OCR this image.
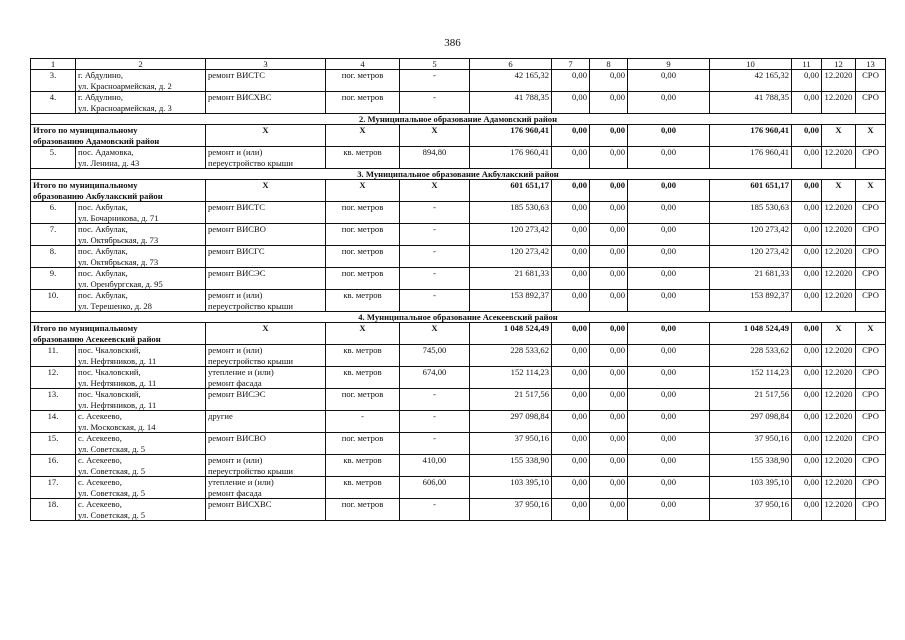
386
1	2	3	4	5	6	7	8	9	10	11	12	13
3.	г. Абдулино,
ул. Красноармейская, д. 2	ремонт ВИСТС	пог. метров	-	42 165,32	0,00	0,00	0,00	42 165,32	0,00	12.2020	СРО
4.	г. Абдулино,
ул. Красноармейская, д. 3	ремонт ВИСХВС	пог. метров	-	41 788,35	0,00	0,00	0,00	41 788,35	0,00	12.2020	СРО
2. Муниципальное образование Адамовский район												
Итого по муниципальному
образованию Адамовский район		X	X	X	176 960,41	0,00	0,00	0,00	176 960,41	0,00	X	X
5.	пос. Адамовка,
ул. Ленина, д. 43	ремонт и (или)
переустройство крыши	кв. метров	894,80	176 960,41	0,00	0,00	0,00	176 960,41	0,00	12.2020	СРО
3. Муниципальное образование Акбулакский район												
Итого по муниципальному
образованию Акбулакский район		X	X	X	601 651,17	0,00	0,00	0,00	601 651,17	0,00	X	X
6.	пос. Акбулак,
ул. Бочарникова, д. 71	ремонт ВИСТС	пог. метров	-	185 530,63	0,00	0,00	0,00	185 530,63	0,00	12.2020	СРО
7.	пос. Акбулак,
ул. Октябрьская, д. 73	ремонт ВИСВО	пог. метров	-	120 273,42	0,00	0,00	0,00	120 273,42	0,00	12.2020	СРО
8.	пос. Акбулак,
ул. Октябрьская, д. 73	ремонт ВИСГС	пог. метров	-	120 273,42	0,00	0,00	0,00	120 273,42	0,00	12.2020	СРО
9.	пос. Акбулак,
ул. Оренбургская, д. 95	ремонт ВИСЭС	пог. метров	-	21 681,33	0,00	0,00	0,00	21 681,33	0,00	12.2020	СРО
10.	пос. Акбулак,
ул. Терешенко, д. 28	ремонт и (или)
переустройство крыши	кв. метров	-	153 892,37	0,00	0,00	0,00	153 892,37	0,00	12.2020	СРО
4. Муниципальное образование Асекеевский район												
Итого по муниципальному
образованию Асекеевский район		X	X	X	1 048 524,49	0,00	0,00	0,00	1 048 524,49	0,00	X	X
11.	пос. Чкаловский,
ул. Нефтяников, д. 11	ремонт и (или)
переустройство крыши	кв. метров	745,00	228 533,62	0,00	0,00	0,00	228 533,62	0,00	12.2020	СРО
12.	пос. Чкаловский,
ул. Нефтяников, д. 11	утепление и (или)
ремонт фасада	кв. метров	674,00	152 114,23	0,00	0,00	0,00	152 114,23	0,00	12.2020	СРО
13.	пос. Чкаловский,
ул. Нефтяников, д. 11	ремонт ВИСЭС	пог. метров	-	21 517,56	0,00	0,00	0,00	21 517,56	0,00	12.2020	СРО
14.	с. Асекеево,
ул. Московская, д. 14	другие	-	-	297 098,84	0,00	0,00	0,00	297 098,84	0,00	12.2020	СРО
15.	с. Асекеево,
ул. Советская, д. 5	ремонт ВИСВО	пог. метров	-	37 950,16	0,00	0,00	0,00	37 950,16	0,00	12.2020	СРО
16.	с. Асекеево,
ул. Советская, д. 5	ремонт и (или)
переустройство крыши	кв. метров	410,00	155 338,90	0,00	0,00	0,00	155 338,90	0,00	12.2020	СРО
17.	с. Асекеево,
ул. Советская, д. 5	утепление и (или)
ремонт фасада	кв. метров	606,00	103 395,10	0,00	0,00	0,00	103 395,10	0,00	12.2020	СРО
18.	с. Асекеево,
ул. Советская, д. 5	ремонт ВИСХВС	пог. метров	-	37 950,16	0,00	0,00	0,00	37 950,16	0,00	12.2020	СРО
